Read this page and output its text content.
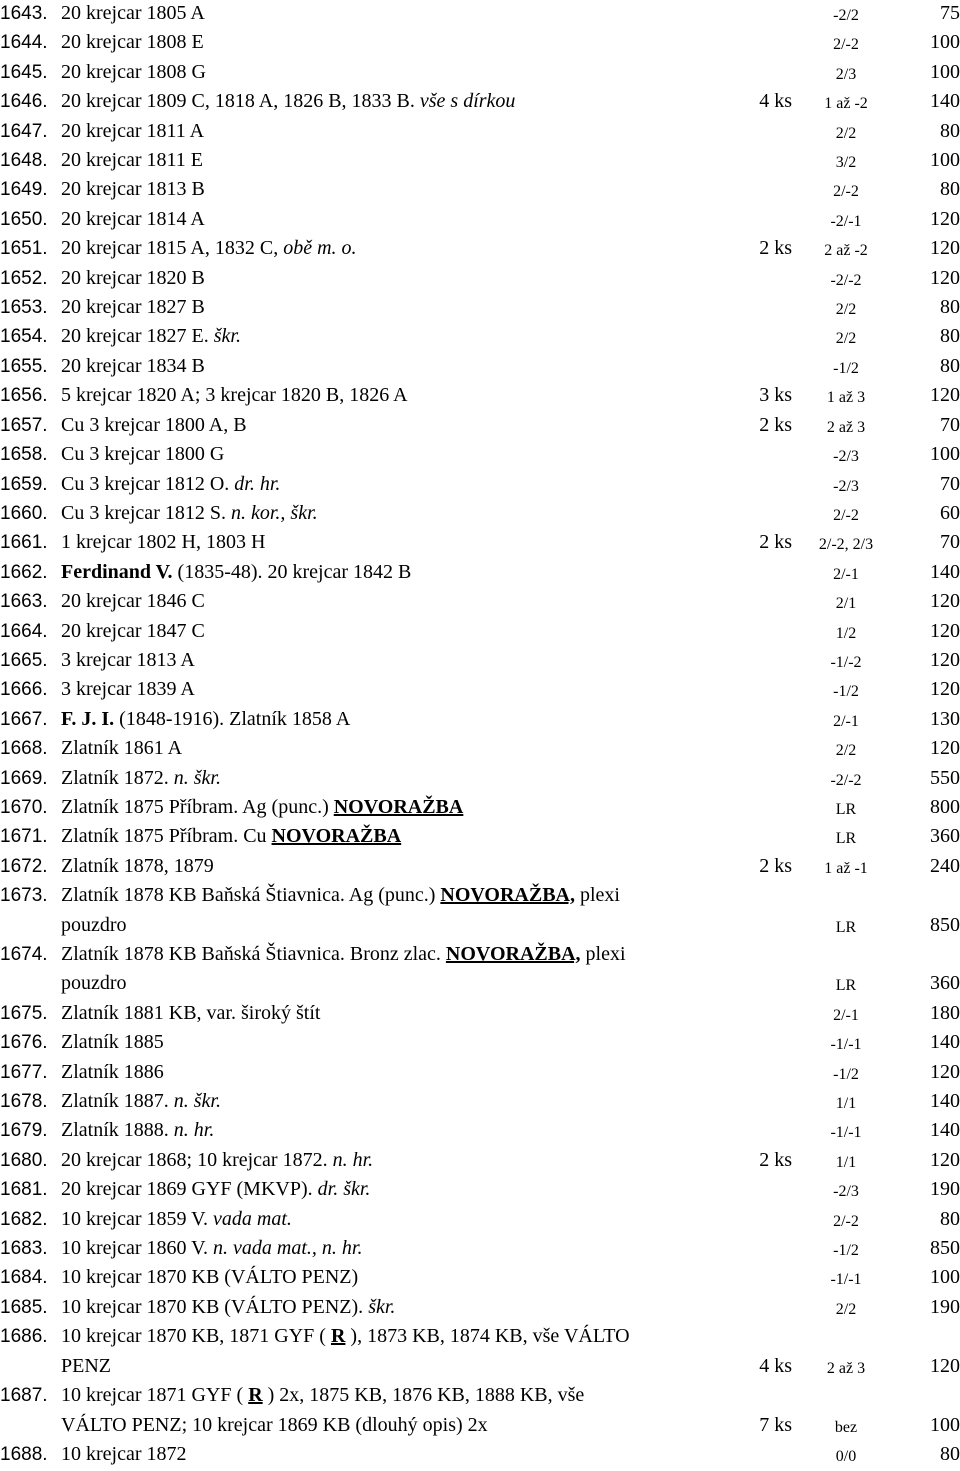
1643. 20 krejcar 1805 A	-2/2	75
1644. 20 krejcar 1808 E	2/-2	100
1645. 20 krejcar 1808 G	2/3	100
1646. 20 krejcar 1809 C, 1818 A, 1826 B, 1833 B. vše s dírkou	4 ks	1 až -2	140
1647. 20 krejcar 1811 A	2/2	80
1648. 20 krejcar 1811 E	3/2	100
1649. 20 krejcar 1813 B	2/-2	80
1650. 20 krejcar 1814 A	-2/-1	120
1651. 20 krejcar 1815 A, 1832 C, obě m. o.	2 ks	2 až -2	120
1652. 20 krejcar 1820 B	-2/-2	120
1653. 20 krejcar 1827 B	2/2	80
1654. 20 krejcar 1827 E. škr.	2/2	80
1655. 20 krejcar 1834 B	-1/2	80
1656. 5 krejcar 1820 A; 3 krejcar 1820 B, 1826 A	3 ks	1 až 3	120
1657. Cu 3 krejcar 1800 A, B	2 ks	2 až 3	70
1658. Cu 3 krejcar 1800 G	-2/3	100
1659. Cu 3 krejcar 1812 O. dr. hr.	-2/3	70
1660. Cu 3 krejcar 1812 S. n. kor., škr.	2/-2	60
1661. 1 krejcar 1802 H, 1803 H	2 ks	2/-2, 2/3	70
1662. Ferdinand V. (1835-48). 20 krejcar 1842 B	2/-1	140
1663. 20 krejcar 1846 C	2/1	120
1664. 20 krejcar 1847 C	1/2	120
1665. 3 krejcar 1813 A	-1/-2	120
1666. 3 krejcar 1839 A	-1/2	120
1667. F. J. I. (1848-1916). Zlatník 1858 A	2/-1	130
1668. Zlatník 1861 A	2/2	120
1669. Zlatník 1872. n. škr.	-2/-2	550
1670. Zlatník 1875 Příbram. Ag (punc.) NOVORAŽBA	LR	800
1671. Zlatník 1875 Příbram. Cu NOVORAŽBA	LR	360
1672. Zlatník 1878, 1879	2 ks	1 až -1	240
1673. Zlatník 1878 KB Baňská Štiavnica. Ag (punc.) NOVORAŽBA, plexi
pouzdro	LR	850
1674. Zlatník 1878 KB Baňská Štiavnica. Bronz zlac. NOVORAŽBA, plexi
pouzdro	LR	360
1675. Zlatník 1881 KB, var. široký štít	2/-1	180
1676. Zlatník 1885	-1/-1	140
1677. Zlatník 1886	-1/2	120
1678. Zlatník 1887. n. škr.	1/1	140
1679. Zlatník 1888. n. hr.	-1/-1	140
1680. 20 krejcar 1868; 10 krejcar 1872. n. hr.	2 ks	1/1	120
1681. 20 krejcar 1869 GYF (MKVP). dr. škr.	-2/3	190
1682. 10 krejcar 1859 V. vada mat.	2/-2	80
1683. 10 krejcar 1860 V. n. vada mat., n. hr.	-1/2	850
1684. 10 krejcar 1870 KB (VÁLTO PENZ)	-1/-1	100
1685. 10 krejcar 1870 KB (VÁLTO PENZ). škr.	2/2	190
1686. 10 krejcar 1870 KB, 1871 GYF ( R ), 1873 KB, 1874 KB, vše VÁLTO
PENZ	4 ks	2 až 3	120
1687. 10 krejcar 1871 GYF ( R ) 2x, 1875 KB, 1876 KB, 1888 KB, vše
VÁLTO PENZ; 10 krejcar 1869 KB (dlouhý opis) 2x	7 ks	bez	100
1688. 10 krejcar 1872	0/0	80
